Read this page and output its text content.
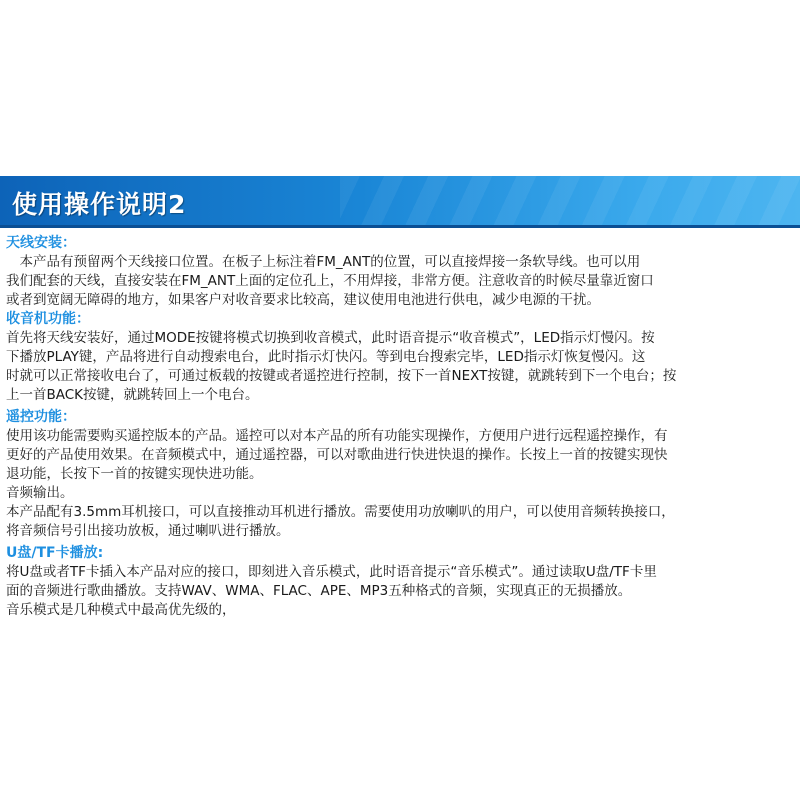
使用操作说明2
天线安装：
　本产品有预留两个天线接口位置。在板子上标注着FM_ANT的位置，可以直接焊接一条软导线。也可以用
我们配套的天线，直接安装在FM_ANT上面的定位孔上，不用焊接，非常方便。注意收音的时候尽量靠近窗口
或者到宽阔无障碍的地方，如果客户对收音要求比较高，建议使用电池进行供电，减少电源的干扰。
收音机功能：
首先将天线安装好，通过MODE按键将模式切换到收音模式，此时语音提示“收音模式”，LED指示灯慢闪。按
下播放PLAY键，产品将进行自动搜索电台，此时指示灯快闪。等到电台搜索完毕，LED指示灯恢复慢闪。这
时就可以正常接收电台了，可通过板载的按键或者遥控进行控制，按下一首NEXT按键，就跳转到下一个电台；按
上一首BACK按键，就跳转回上一个电台。
遥控功能：
使用该功能需要购买遥控版本的产品。遥控可以对本产品的所有功能实现操作，方便用户进行远程遥控操作，有
更好的产品使用效果。在音频模式中，通过遥控器，可以对歌曲进行快进快退的操作。长按上一首的按键实现快
退功能，长按下一首的按键实现快进功能。
音频输出。
本产品配有3.5mm耳机接口，可以直接推动耳机进行播放。需要使用功放喇叭的用户，可以使用音频转换接口，
将音频信号引出接功放板，通过喇叭进行播放。
U盘/TF卡播放:
将U盘或者TF卡插入本产品对应的接口，即刻进入音乐模式，此时语音提示“音乐模式”。通过读取U盘/TF卡里
面的音频进行歌曲播放。支持WAV、WMA、FLAC、APE、MP3五种格式的音频，实现真正的无损播放。
音乐模式是几种模式中最高优先级的，
